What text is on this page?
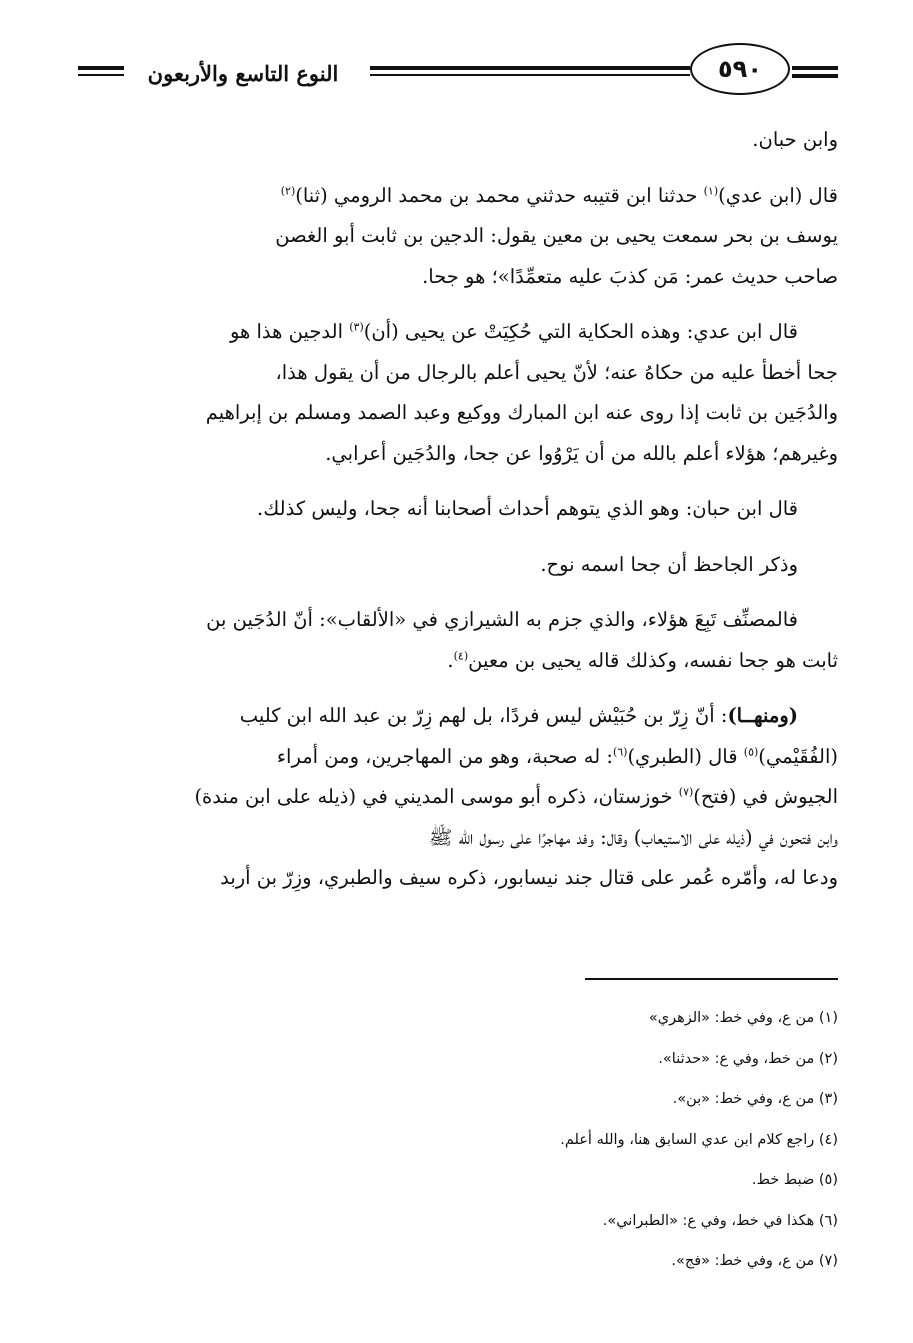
٥٩٠
النوع التاسع والأربعون
وابن حبان.
قال (ابن عدي)$^{(١)}$ حدثنا ابن قتيبه حدثني محمد بن محمد الرومي (ثنا)$^{(٢)}$
يوسف بن بحر سمعت يحيى بن معين يقول: الدجين بن ثابت أبو الغصن
صاحب حديث عمر: مَن كذبَ عليه متعمِّدًا»؛ هو جحا.
قال ابن عدي: وهذه الحكاية التي حُكِيَتْ عن يحيى (أن)$^{(٣)}$ الدجين هذا هو
جحا أخطأ عليه من حكاهُ عنه؛ لأنّ يحيى أعلم بالرجال من أن يقول هذا،
والدُجَين بن ثابت إذا روى عنه ابن المبارك ووكيع وعبد الصمد ومسلم بن إبراهيم
وغيرهم؛ هؤلاء أعلم بالله من أن يَرْوُوا عن جحا، والدُجَين أعرابي.
قال ابن حبان: وهو الذي يتوهم أحداث أصحابنا أنه جحا، وليس كذلك.
وذكر الجاحظ أن جحا اسمه نوح.
فالمصنِّف تَبِعَ هؤلاء، والذي جزم به الشيرازي في «الألقاب»: أنّ الدُجَين بن
ثابت هو جحا نفسه، وكذلك قاله يحيى بن معين$^{(٤)}$.
(ومنهــا): أنّ زِرّ بن حُبَيْش ليس فردًا، بل لهم زِرّ بن عبد الله ابن كليب
(الفُقَيْمي)$^{(٥)}$ قال (الطبري)$^{(٦)}$: له صحبة، وهو من المهاجرين، ومن أمراء
الجيوش في (فتح)$^{(٧)}$ خوزستان، ذكره أبو موسى المديني في (ذيله على ابن مندة)
وابن فتحون في (ذيله على الاستيعاب) وقال: وفد مهاجرًا على رسول الله ﷺ
ودعا له، وأمّره عُمر على قتال جند نيسابور، ذكره سيف والطبري، وزِرّ بن أربد
(١) من ع، وفي خط: «الزهري»
(٢) من خط، وفي ع: «حدثنا».
(٣) من ع، وفي خط: «بن».
(٤) راجع كلام ابن عدي السابق هنا، والله أعلم.
(٥) ضبط خط.
(٦) هكذا في خط، وفي ع: «الطبراني».
(٧) من ع، وفي خط: «فج».
